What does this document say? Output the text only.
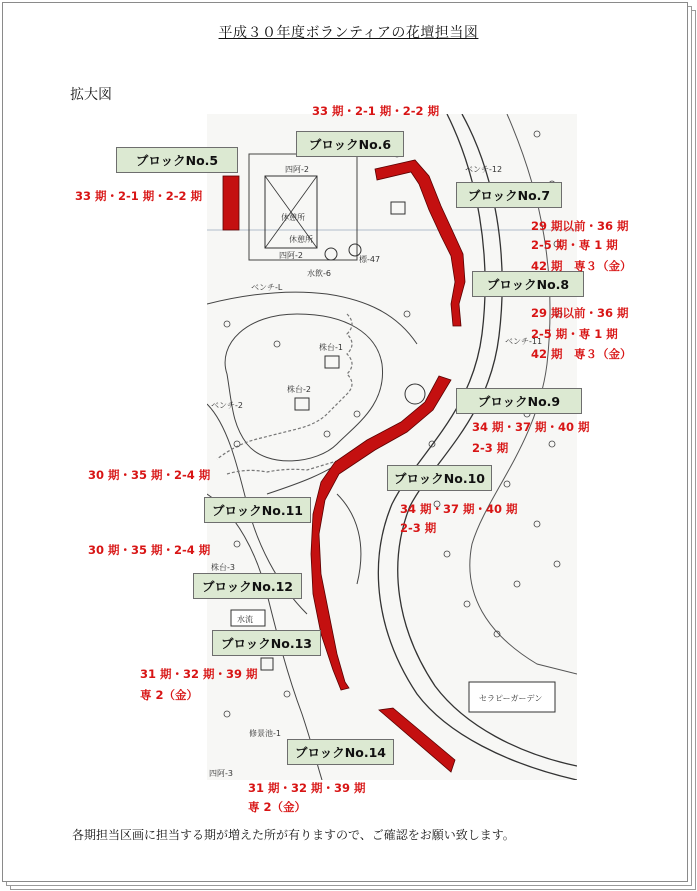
平成３０年度ボランティアの花壇担当図
拡大図
四阿-2
休憩所
休憩所
四阿-2
水飲-6
標-47
ベンチ-L
ベンチ-12
ベンチ-11
ベンチ-2
株台-1
株台-2
株台-3
水流
修景池-1
四阿-3
セラピーガーデン
ブロックNo.5
ブロックNo.6
ブロックNo.7
ブロックNo.8
ブロックNo.9
ブロックNo.10
ブロックNo.11
ブロックNo.12
ブロックNo.13
ブロックNo.14
33 期・2-1 期・2-2 期
33 期・2-1 期・2-2 期
29 期以前・36 期
2-5 期・専 1 期
42 期　専３（金）
29 期以前・36 期
2-5 期・専 1 期
42 期　専３（金）
34 期・37 期・40 期
2-3 期
34 期・37 期・40 期
2-3 期
30 期・35 期・2-4 期
30 期・35 期・2-4 期
31 期・32 期・39 期
専 2（金）
31 期・32 期・39 期
専 2（金）
各期担当区画に担当する期が増えた所が有りますので、ご確認をお願い致します。
